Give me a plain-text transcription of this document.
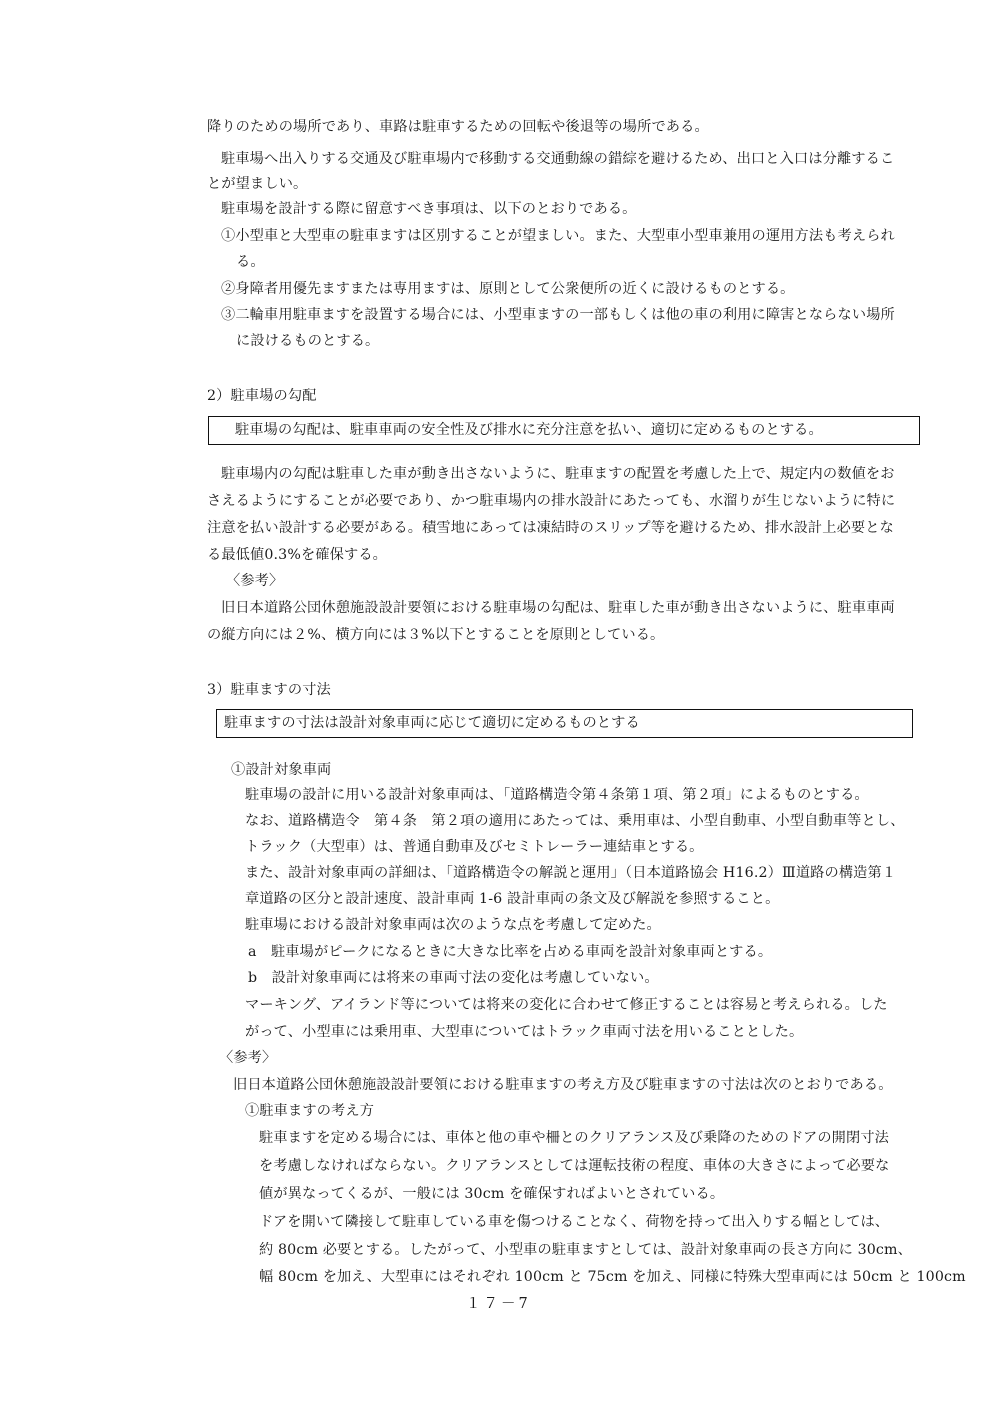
降りのための場所であり、車路は駐車するための回転や後退等の場所である。
駐車場へ出入りする交通及び駐車場内で移動する交通動線の錯綜を避けるため、出口と入口は分離するこ
とが望ましい。
駐車場を設計する際に留意すべき事項は、以下のとおりである。
①小型車と大型車の駐車ますは区別することが望ましい。また、大型車小型車兼用の運用方法も考えられ
る。
②身障者用優先ますまたは専用ますは、原則として公衆便所の近くに設けるものとする。
③二輪車用駐車ますを設置する場合には、小型車ますの一部もしくは他の車の利用に障害とならない場所
に設けるものとする。
2）駐車場の勾配
駐車場の勾配は、駐車車両の安全性及び排水に充分注意を払い、適切に定めるものとする。
駐車場内の勾配は駐車した車が動き出さないように、駐車ますの配置を考慮した上で、規定内の数値をお
さえるようにすることが必要であり、かつ駐車場内の排水設計にあたっても、水溜りが生じないように特に
注意を払い設計する必要がある。積雪地にあっては凍結時のスリップ等を避けるため、排水設計上必要とな
る最低値0.3%を確保する。
〈参考〉
旧日本道路公団休憩施設設計要領における駐車場の勾配は、駐車した車が動き出さないように、駐車車両
の縦方向には２%、横方向には３%以下とすることを原則としている。
3）駐車ますの寸法
駐車ますの寸法は設計対象車両に応じて適切に定めるものとする
①設計対象車両
駐車場の設計に用いる設計対象車両は、「道路構造令第４条第１項、第２項」によるものとする。
なお、道路構造令　第４条　第２項の適用にあたっては、乗用車は、小型自動車、小型自動車等とし、
トラック（大型車）は、普通自動車及びセミトレーラー連結車とする。
また、設計対象車両の詳細は、「道路構造令の解説と運用」（日本道路協会 H16.2）Ⅲ道路の構造第１
章道路の区分と設計速度、設計車両 1-6 設計車両の条文及び解説を参照すること。
駐車場における設計対象車両は次のような点を考慮して定めた。
a　駐車場がピークになるときに大きな比率を占める車両を設計対象車両とする。
b　設計対象車両には将来の車両寸法の変化は考慮していない。
マーキング、アイランド等については将来の変化に合わせて修正することは容易と考えられる。した
がって、小型車には乗用車、大型車についてはトラック車両寸法を用いることとした。
〈参考〉
旧日本道路公団休憩施設設計要領における駐車ますの考え方及び駐車ますの寸法は次のとおりである。
①駐車ますの考え方
駐車ますを定める場合には、車体と他の車や柵とのクリアランス及び乗降のためのドアの開閉寸法
を考慮しなければならない。クリアランスとしては運転技術の程度、車体の大きさによって必要な
値が異なってくるが、一般には 30cm を確保すればよいとされている。
ドアを開いて隣接して駐車している車を傷つけることなく、荷物を持って出入りする幅としては、
約 80cm 必要とする。したがって、小型車の駐車ますとしては、設計対象車両の長さ方向に 30cm、
幅 80cm を加え、大型車にはそれぞれ 100cm と 75cm を加え、同様に特殊大型車両には 50cm と 100cm
１７－7
